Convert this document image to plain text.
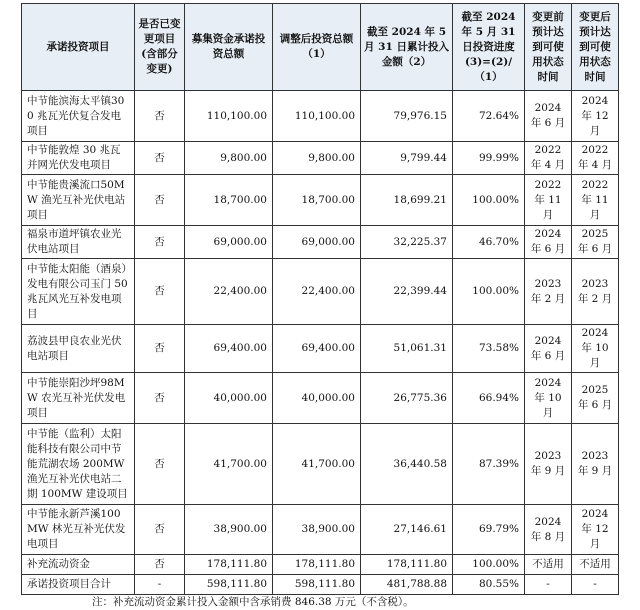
承诺投资项目	是否已变更项目(含部分变更)	募集资金承诺投资总额	调整后投资总额（1）	截至 2024 年 5 月 31 日累计投入金额（2）	截至 2024 年 5 月 31 日投资进度(3)=(2)/（1）	变更前预计达到可使用状态时间	变更后预计达到可使用状态时间
中节能滨海太平镇300 兆瓦光伏复合发电项目	否	110,100.00	110,100.00	79,976.15	72.64%	2024 年 6 月	2024 年 12 月
中节能敦煌 30 兆瓦并网光伏发电项目	否	9,800.00	9,800.00	9,799.44	99.99%	2022 年 4 月	2022 年 4 月
中节能贵溪流口50MW 渔光互补光伏电站项目	否	18,700.00	18,700.00	18,699.21	100.00%	2022 年 11 月	2022 年 11 月
福泉市道坪镇农业光伏电站项目	否	69,000.00	69,000.00	32,225.37	46.70%	2024 年 6 月	2025 年 6 月
中节能太阳能（酒泉）发电有限公司玉门 50兆瓦风光互补发电项目	否	22,400.00	22,400.00	22,399.44	100.00%	2023 年 2 月	2023 年 2 月
荔波县甲良农业光伏电站项目	否	69,400.00	69,400.00	51,061.31	73.58%	2024 年 6 月	2024 年 10 月
中节能崇阳沙坪98MW 农光互补光伏发电项目	否	40,000.00	40,000.00	26,775.36	66.94%	2024 年 10 月	2025 年 6 月
中节能（监利）太阳能科技有限公司中节能荒湖农场 200MW渔光互补光伏电站二期 100MW 建设项目	否	41,700.00	41,700.00	36,440.58	87.39%	2023 年 9 月	2023 年 9 月
中节能永新芦溪100MW 林光互补光伏发电项目	否	38,900.00	38,900.00	27,146.61	69.79%	2024 年 8 月	2024 年 12 月
补充流动资金	否	178,111.80	178,111.80	178,111.80	100.00%	不适用	不适用
承诺投资项目合计	-	598,111.80	598,111.80	481,788.88	80.55%	-	-
注：补充流动资金累计投入金额中含承销费 846.38 万元（不含税）。
